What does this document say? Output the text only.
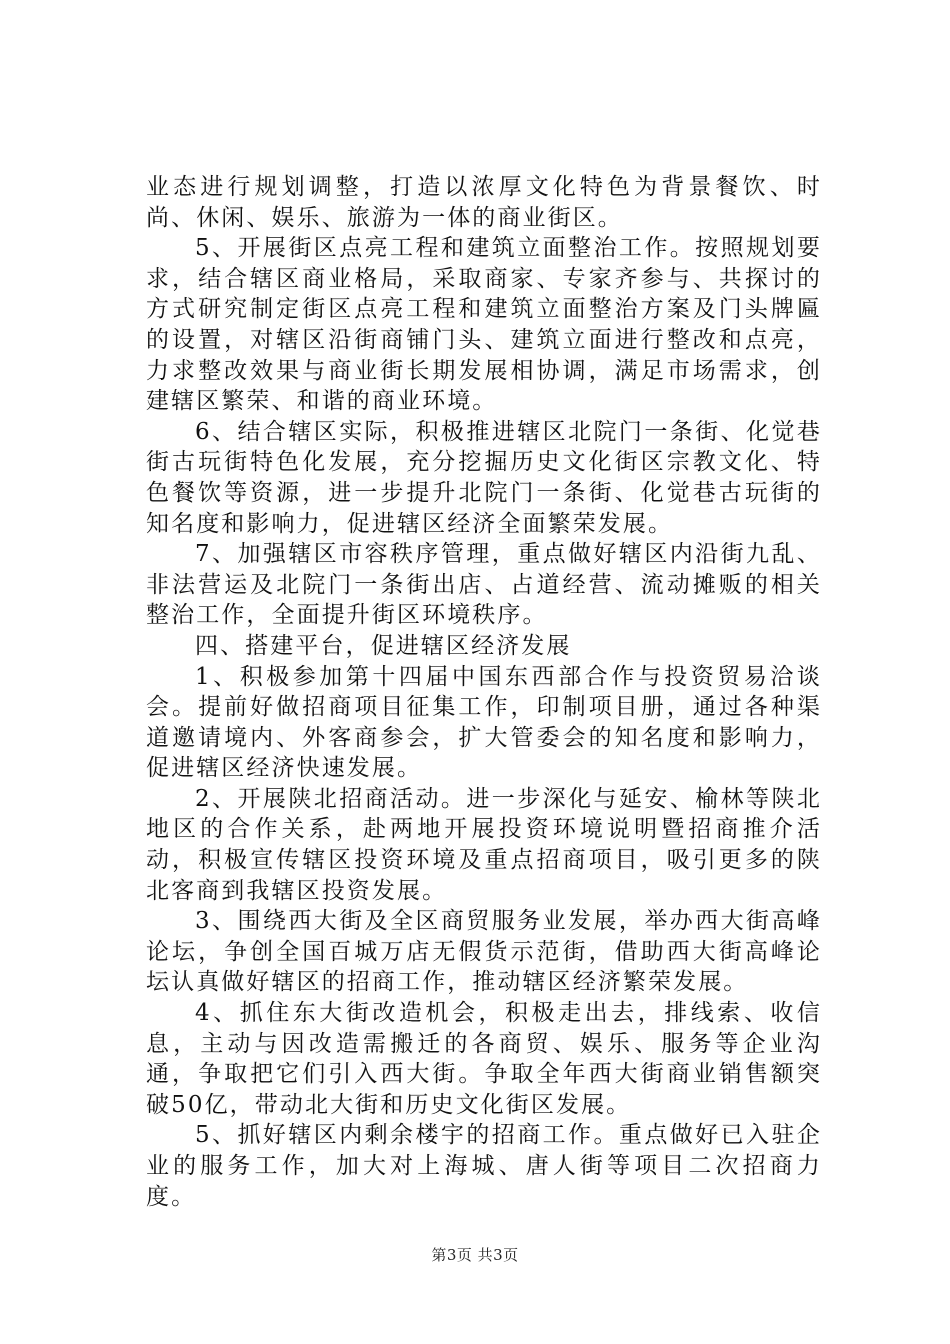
业态进行规划调整，打造以浓厚文化特色为背景餐饮、时尚、休闲、娱乐、旅游为一体的商业街区。

5、开展街区点亮工程和建筑立面整治工作。按照规划要求，结合辖区商业格局，采取商家、专家齐参与、共探讨的方式研究制定街区点亮工程和建筑立面整治方案及门头牌匾的设置，对辖区沿街商铺门头、建筑立面进行整改和点亮，力求整改效果与商业街长期发展相协调，满足市场需求，创建辖区繁荣、和谐的商业环境。

6、结合辖区实际，积极推进辖区北院门一条街、化觉巷街古玩街特色化发展，充分挖掘历史文化街区宗教文化、特色餐饮等资源，进一步提升北院门一条街、化觉巷古玩街的知名度和影响力，促进辖区经济全面繁荣发展。

7、加强辖区市容秩序管理，重点做好辖区内沿街九乱、非法营运及北院门一条街出店、占道经营、流动摊贩的相关整治工作，全面提升街区环境秩序。

四、搭建平台，促进辖区经济发展

1、积极参加第十四届中国东西部合作与投资贸易洽谈会。提前好做招商项目征集工作，印制项目册，通过各种渠道邀请境内、外客商参会，扩大管委会的知名度和影响力，促进辖区经济快速发展。

2、开展陕北招商活动。进一步深化与延安、榆林等陕北地区的合作关系，赴两地开展投资环境说明暨招商推介活动，积极宣传辖区投资环境及重点招商项目，吸引更多的陕北客商到我辖区投资发展。

3、围绕西大街及全区商贸服务业发展，举办西大街高峰论坛，争创全国百城万店无假货示范街，借助西大街高峰论坛认真做好辖区的招商工作，推动辖区经济繁荣发展。

4、抓住东大街改造机会，积极走出去，排线索、收信息，主动与因改造需搬迁的各商贸、娱乐、服务等企业沟通，争取把它们引入西大街。争取全年西大街商业销售额突破50亿，带动北大街和历史文化街区发展。

5、抓好辖区内剩余楼宇的招商工作。重点做好已入驻企业的服务工作，加大对上海城、唐人街等项目二次招商力度。

第3页 共3页
